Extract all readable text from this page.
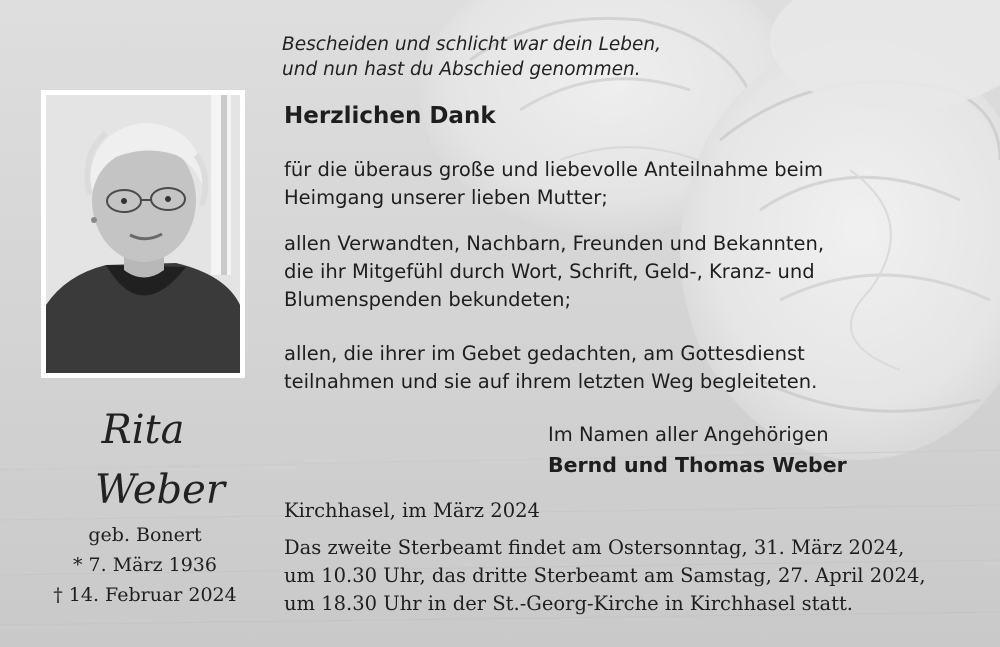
Bescheiden und schlicht war dein Leben,
und nun hast du Abschied genommen.

Herzlichen Dank

für die überaus große und liebevolle Anteilnahme beim
Heimgang unserer lieben Mutter;

allen Verwandten, Nachbarn, Freunden und Bekannten,
die ihr Mitgefühl durch Wort, Schrift, Geld-, Kranz- und
Blumenspenden bekundeten;

allen, die ihrer im Gebet gedachten, am Gottesdienst
teilnahmen und sie auf ihrem letzten Weg begleiteten.

Im Namen aller Angehörigen
Bernd und Thomas Weber

Kirchhasel, im März 2024

Das zweite Sterbeamt findet am Ostersonntag, 31. März 2024,
um 10.30 Uhr, das dritte Sterbeamt am Samstag, 27. April 2024,
um 18.30 Uhr in der St.-Georg-Kirche in Kirchhasel statt.

Rita
Weber

geb. Bonert
* 7. März 1936
† 14. Februar 2024
